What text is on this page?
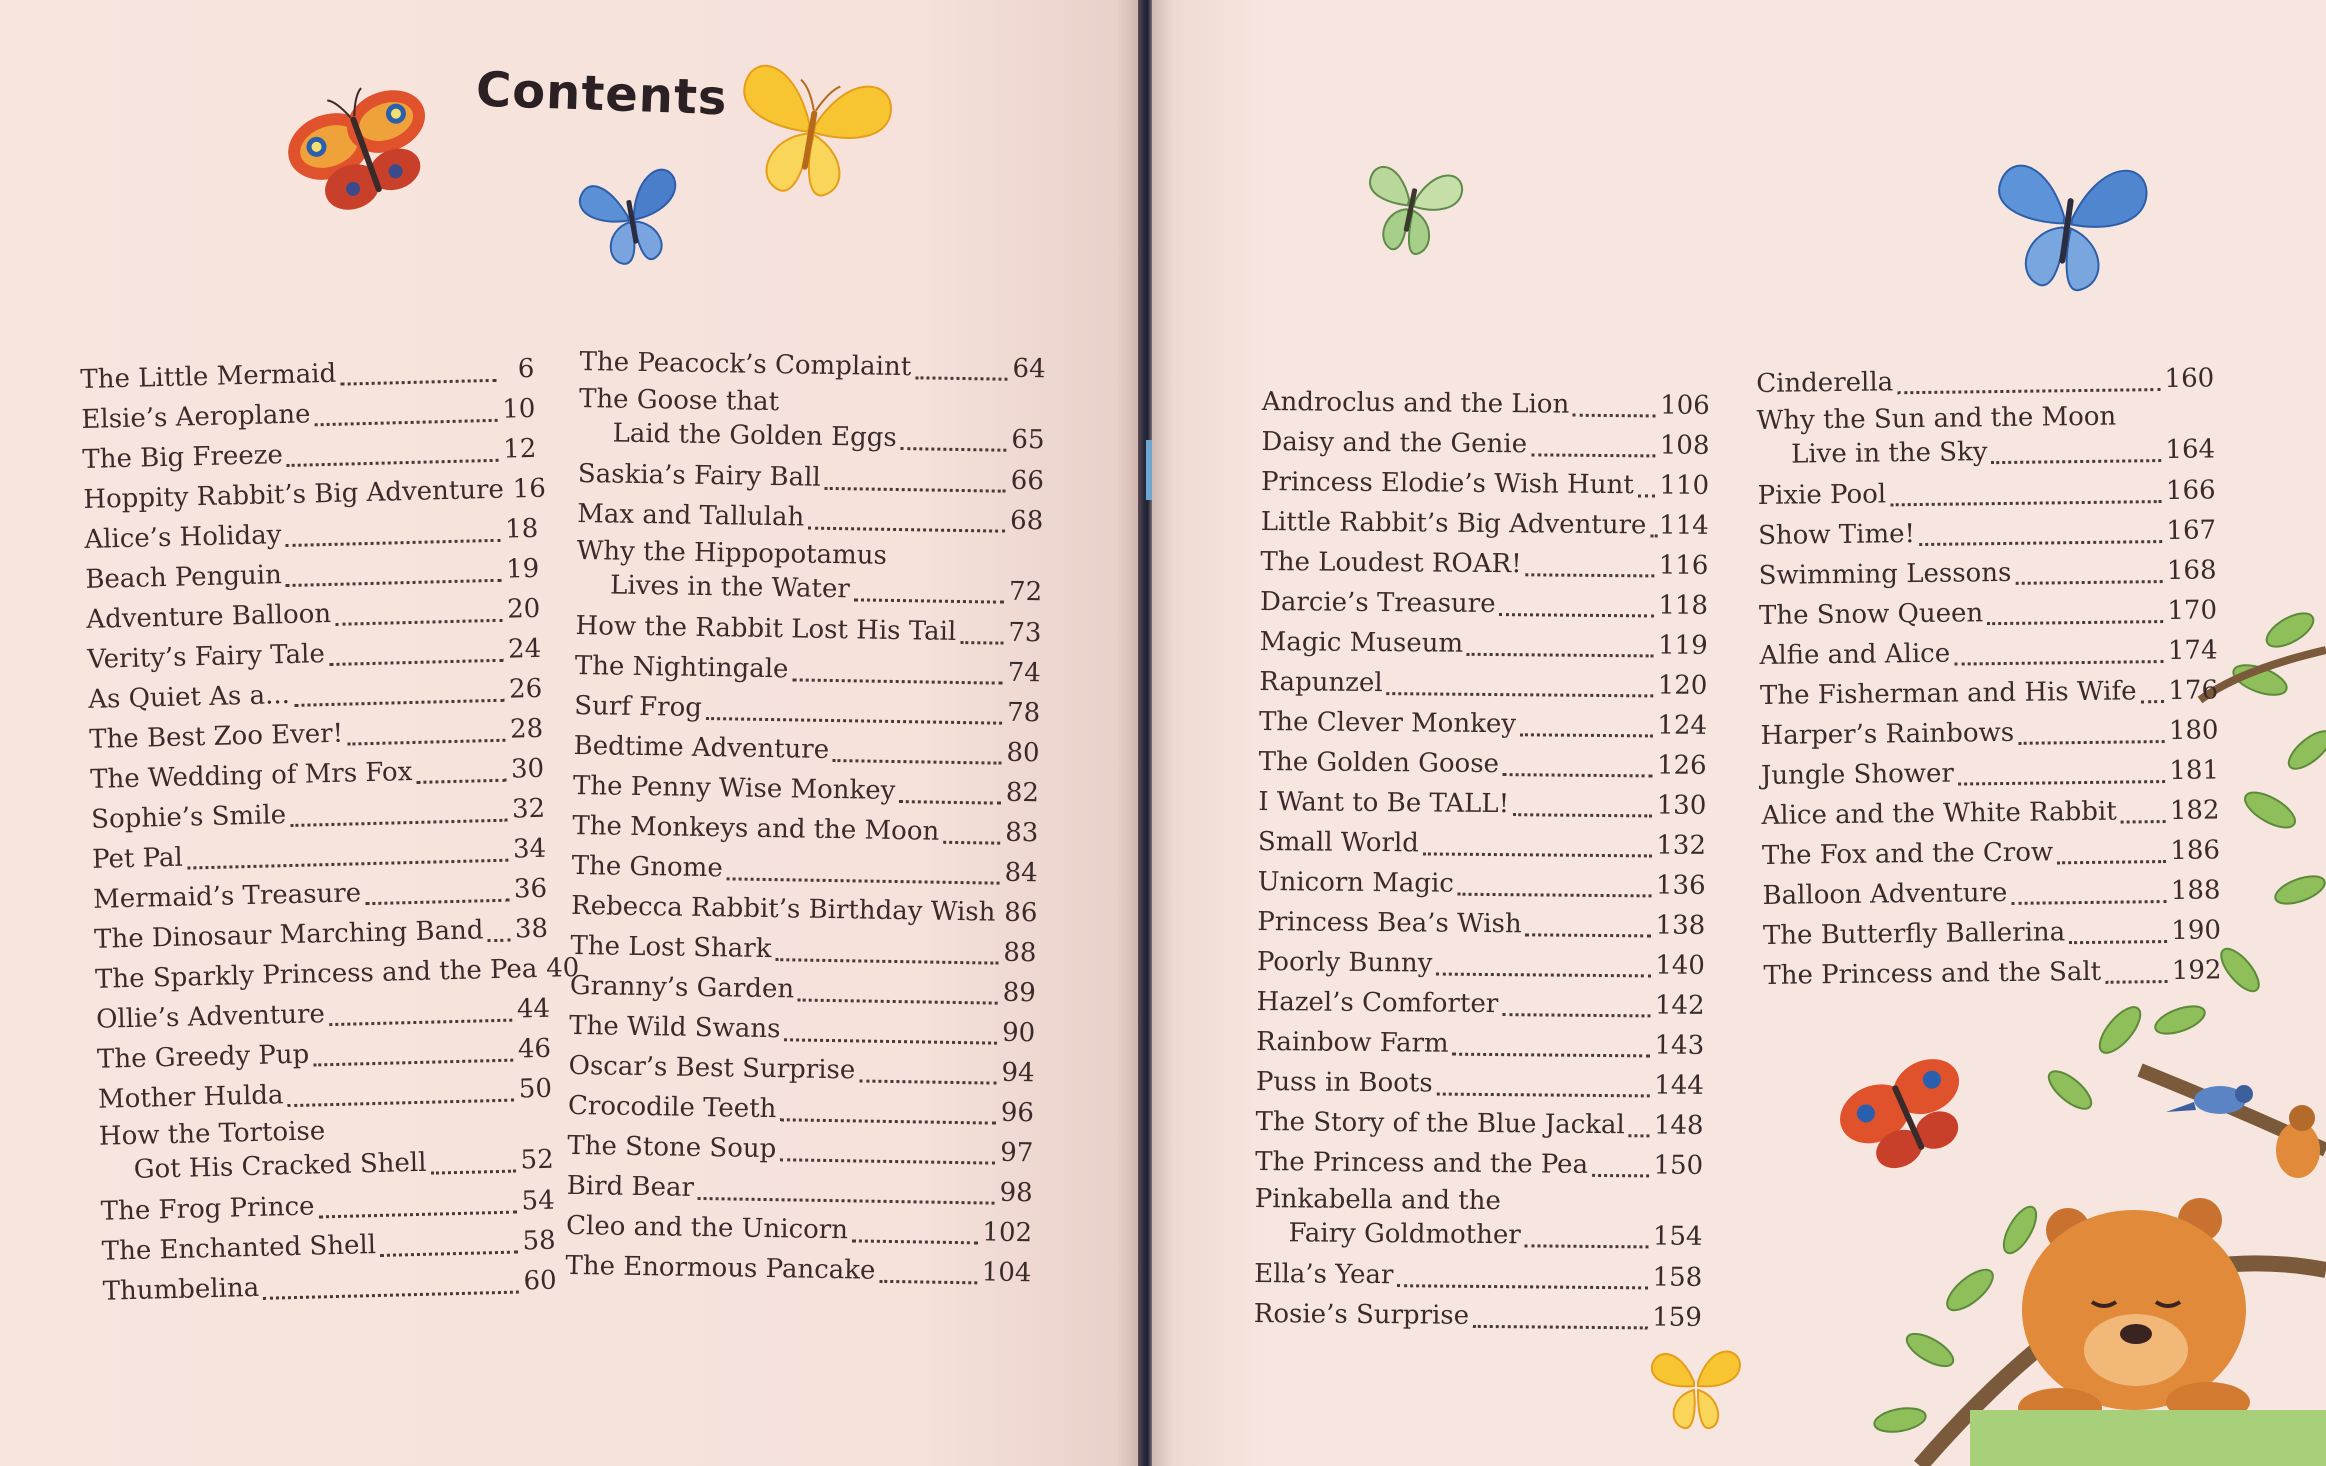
Contents
The Little Mermaid	6
Elsie’s Aeroplane	10
The Big Freeze	12
Hoppity Rabbit’s Big Adventure 16
Alice’s Holiday	18
Beach Penguin	19
Adventure Balloon	20
Verity’s Fairy Tale	24
As Quiet As a...	26
The Best Zoo Ever!	28
The Wedding of Mrs Fox	30
Sophie’s Smile	32
Pet Pal	34
Mermaid’s Treasure	36
The Dinosaur Marching Band 38
The Sparkly Princess and the Pea 40
Ollie’s Adventure	44
The Greedy Pup	46
Mother Hulda	50
How the Tortoise
Got His Cracked Shell	52
The Frog Prince	54
The Enchanted Shell	58
Thumbelina	60
The Peacock’s Complaint	64
The Goose that
Laid the Golden Eggs	65
Saskia’s Fairy Ball	66
Max and Tallulah	68
Why the Hippopotamus
Lives in the Water	72
How the Rabbit Lost His Tail 73
The Nightingale	74
Surf Frog	78
Bedtime Adventure	80
The Penny Wise Monkey	82
The Monkeys and the Moon	83
The Gnome	84
Rebecca Rabbit’s Birthday Wish 86
The Lost Shark	88
Granny’s Garden	89
The Wild Swans	90
Oscar’s Best Surprise	94
Crocodile Teeth	96
The Stone Soup	97
Bird Bear	98
Cleo and the Unicorn	102
The Enormous Pancake	104
Androclus and the Lion	106
Daisy and the Genie	108
Princess Elodie’s Wish Hunt 110
Little Rabbit’s Big Adventure 114
The Loudest ROAR!	116
Darcie’s Treasure	118
Magic Museum	119
Rapunzel	120
The Clever Monkey	124
The Golden Goose	126
I Want to Be TALL!	130
Small World	132
Unicorn Magic	136
Princess Bea’s Wish	138
Poorly Bunny	140
Hazel’s Comforter	142
Rainbow Farm	143
Puss in Boots	144
The Story of the Blue Jackal 148
The Princess and the Pea	150
Pinkabella and the
Fairy Goldmother	154
Ella’s Year	158
Rosie’s Surprise	159
Cinderella	160
Why the Sun and the Moon
Live in the Sky	164
Pixie Pool	166
Show Time!	167
Swimming Lessons	168
The Snow Queen	170
Alfie and Alice	174
The Fisherman and His Wife 176
Harper’s Rainbows	180
Jungle Shower	181
Alice and the White Rabbit 182
The Fox and the Crow	186
Balloon Adventure	188
The Butterfly Ballerina	190
The Princess and the Salt	192
